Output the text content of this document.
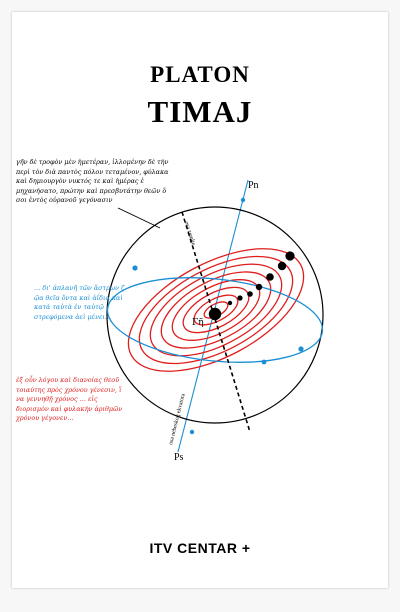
PLATON
TIMAJ
Pn
Ps
Γῆ
osa zemlje
osa nebeskog ekvatora
γῆν δὲ τροφὸν μὲν ἡμετέραν, ἰλλομένην δὲ τὴν
περὶ τὸν διὰ παντὸς πόλον τεταμένον, φύλακα
καὶ δημιουργὸν νυκτός τε καὶ ἡμέρας ἐ
μηχανήσατο, πρώτην καὶ πρεσβυτάτην θεῶν ὅ
σοι ἐντὸς οὐρανοῦ γεγόνασιν
… δι' ἀπλανῆ τῶν ἄστρων ζ
ῷα θεῖα ὄντα καὶ ἀΐδια καὶ
κατὰ ταὐτὰ ἐν ταὐτῷ
στρεφόμενα ἀεὶ μένει…
ἐξ οὖν λόγου καὶ διανοίας θεοῦ
τοιαύτης πρὸς χρόνου γένεσιν, ἵ
να γεννηθῇ χρόνος … εἰς
διορισμὸν καὶ φυλακὴν ἀριθμῶν
χρόνου γέγονεν…
ITV CENTAR +
